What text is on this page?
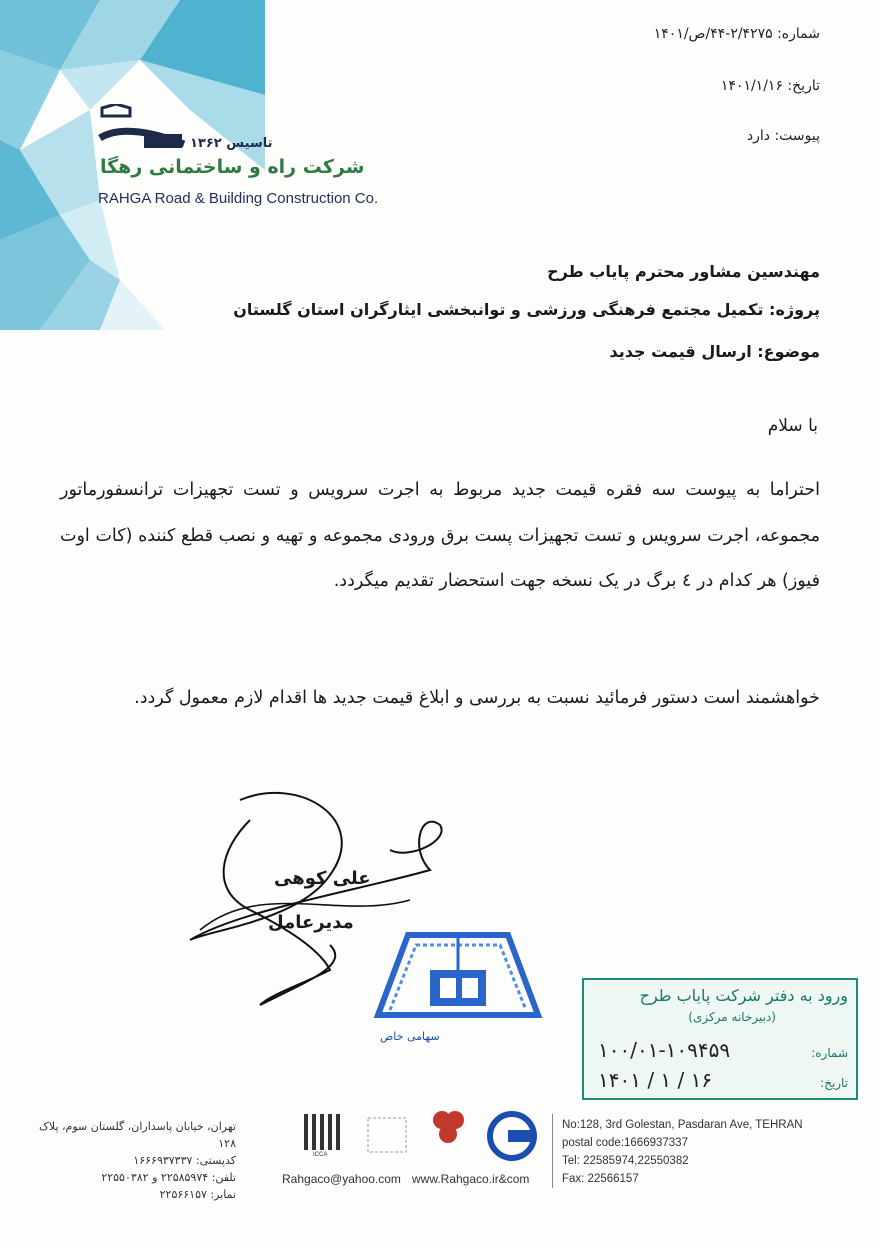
تاسیس ۱۳۶۲
شرکت راه و ساختمانی رهگا
RAHGA Road & Building Construction Co.
شماره: ۲/۴۲۷۵-۴۴/ص/۱۴۰۱
تاریخ: ۱۴۰۱/۱/۱۶
پیوست: دارد
مهندسین مشاور محترم پایاب طرح
پروژه: تکمیل مجتمع فرهنگی ورزشی و توانبخشی ایثارگران استان گلستان
موضوع: ارسال قیمت جدید
با سلام
احتراما به پیوست سه فقره قیمت جدید مربوط به اجرت سرویس و تست تجهیزات ترانسفورماتور مجموعه، اجرت سرویس و تست تجهیزات پست برق ورودی مجموعه و تهیه و نصب قطع کننده (کات اوت فیوز) هر کدام در ٤ برگ در یک نسخه جهت استحضار تقدیم میگردد.
خواهشمند است دستور فرمائید نسبت به بررسی و ابلاغ قیمت جدید ها اقدام لازم معمول گردد.
علی کوهی
مدیرعامل
سهامی خاص
ورود به دفتر شرکت پایاب طرح
(دبیرخانه مرکزی)
شماره:
۱۰۰/۰۱-۱۰۹۴۵۹
تاریخ:
۱۴۰۱ / ۱ / ۱۶
تهران، خیابان پاسداران، گلستان سوم، پلاک ۱۲۸
کدپستی: ۱۶۶۶۹۳۷۳۳۷
تلفن: ۲۲۵۸۵۹۷۴ و ۲۲۵۵۰۳۸۲
نمابر: ۲۲۵۶۶۱۵۷
ICCA
Rahgaco@yahoo.com www.Rahgaco.ir&com
No:128, 3rd Golestan, Pasdaran Ave, TEHRAN
postal code:1666937337
Tel: 22585974,22550382
Fax: 22566157
